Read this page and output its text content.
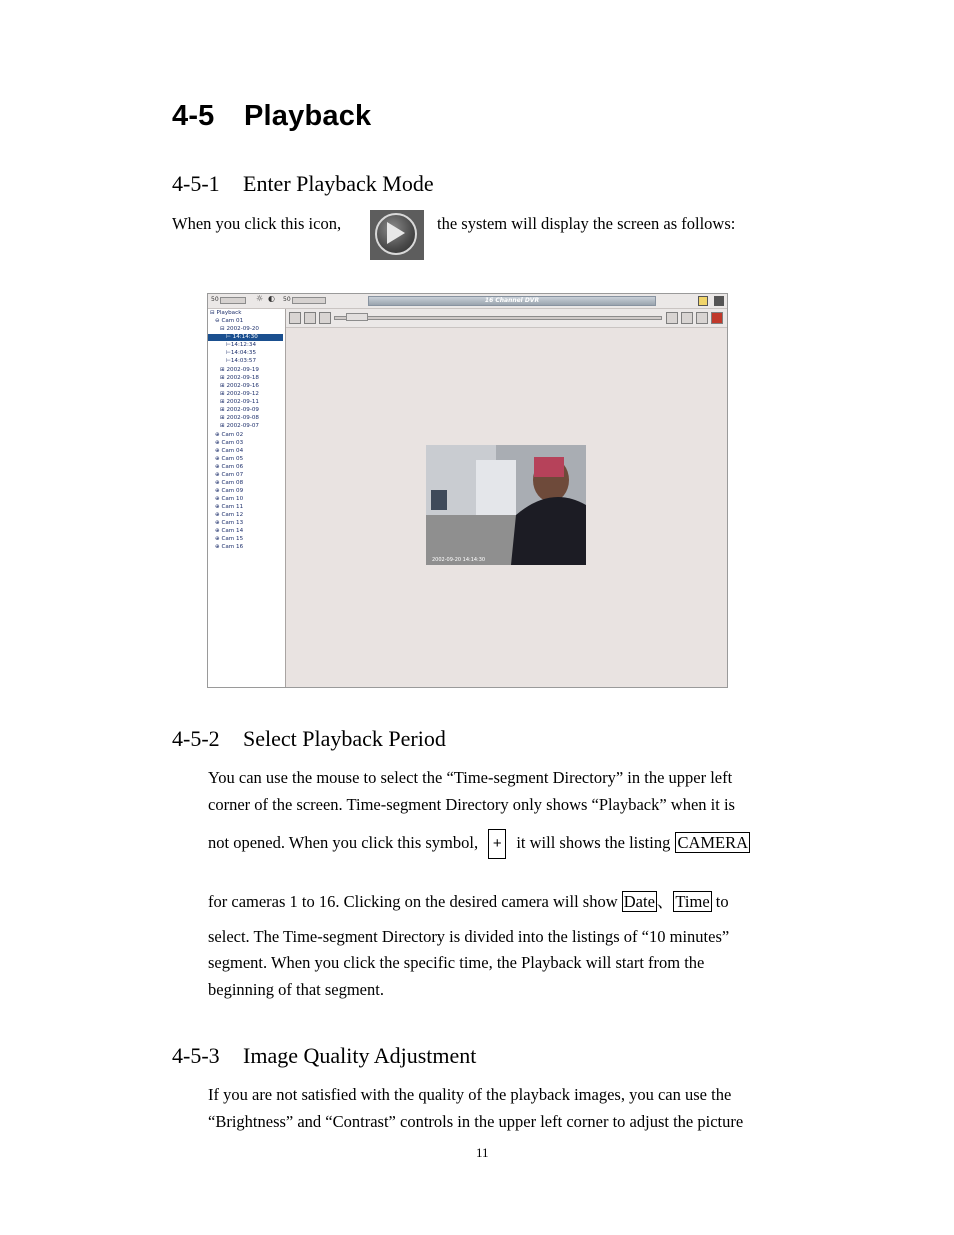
4-5 Playback
4-5-1 Enter Playback Mode
When you click this icon,	the system will display the screen as follows:
50	☼ ◐ 50	16 Channel DVR
⊟ Playback
⊖ Cam 01
⊟ 2002-09-20
⊢ 14:14:30
⊢14:12:34
⊢14:04:35
⊢14:03:57
⊞ 2002-09-19
⊞ 2002-09-18
⊞ 2002-09-16
⊞ 2002-09-12
⊞ 2002-09-11
⊞ 2002-09-09
⊞ 2002-09-08
⊞ 2002-09-07
⊕ Cam 02
⊕ Cam 03
⊕ Cam 04
⊕ Cam 05
⊕ Cam 06
⊕ Cam 07
⊕ Cam 08
⊕ Cam 09
⊕ Cam 10
⊕ Cam 11
⊕ Cam 12
⊕ Cam 13
⊕ Cam 14
⊕ Cam 15
⊕ Cam 16
2002-09-20 14:14:30
4-5-2 Select Playback Period
You can use the mouse to select the “Time-segment Directory” in the upper left
corner of the screen. Time-segment Directory only shows “Playback” when it is
not opened. When you click this symbol, + it will shows the listing CAMERA
for cameras 1 to 16. Clicking on the desired camera will show Date 、 Time to
select. The Time-segment Directory is divided into the listings of “10 minutes”
segment. When you click the specific time, the Playback will start from the
beginning of that segment.
4-5-3 Image Quality Adjustment
If you are not satisfied with the quality of the playback images, you can use the
“Brightness” and “Contrast” controls in the upper left corner to adjust the picture
11
